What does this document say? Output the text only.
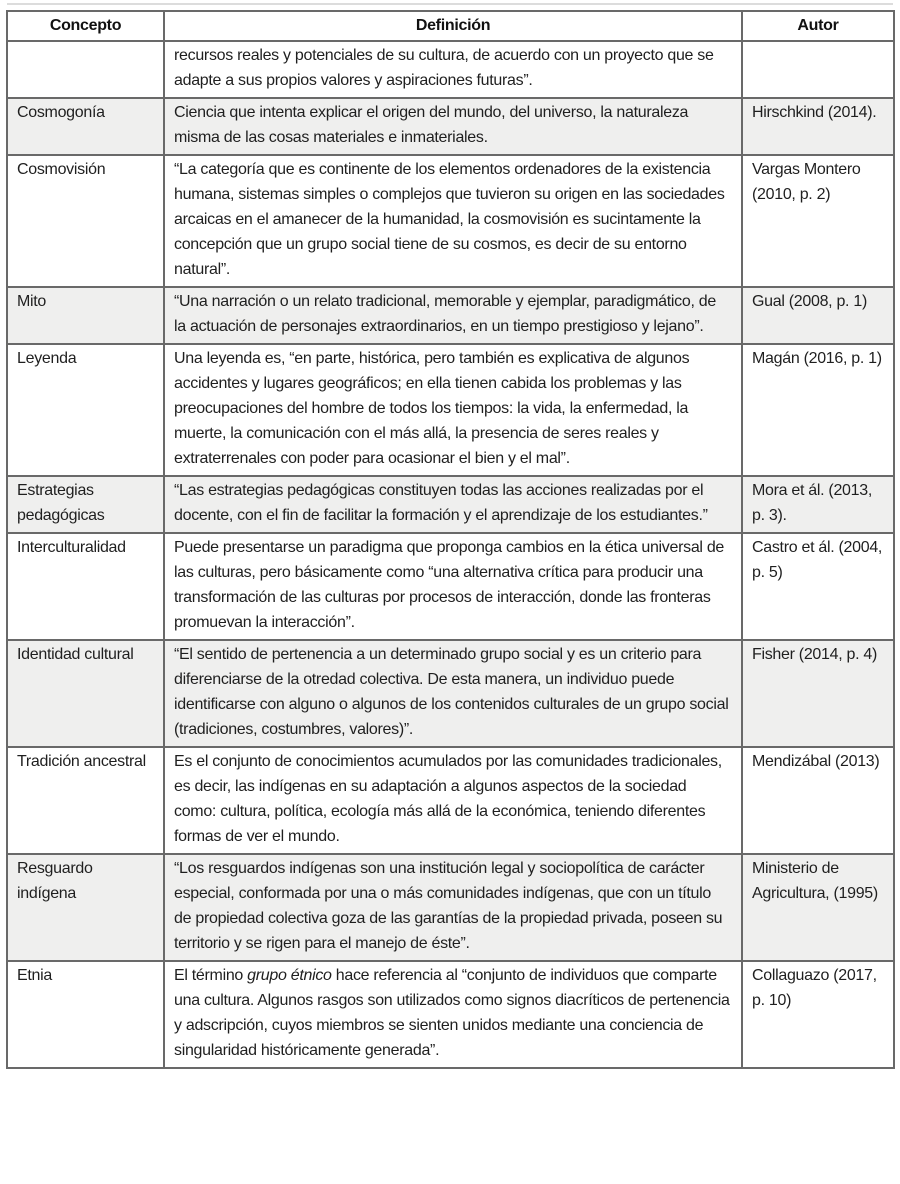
Concepto	Definición	Autor
	recursos reales y potenciales de su cultura, de acuerdo con un proyecto que se adapte a sus propios valores y aspiraciones futuras”.	
Cosmogonía	Ciencia que intenta explicar el origen del mundo, del universo, la naturaleza misma de las cosas materiales e inmateriales.	Hirschkind (2014).
Cosmovisión	“La categoría que es continente de los elementos ordenadores de la existencia humana, sistemas simples o complejos que tuvieron su origen en las sociedades arcaicas en el amanecer de la humanidad, la cosmovisión es sucintamente la concepción que un grupo social tiene de su cosmos, es decir de su entorno natural”.	Vargas Montero (2010, p. 2)
Mito	“Una narración o un relato tradicional, memorable y ejemplar, paradigmático, de la actuación de personajes extraordinarios, en un tiempo prestigioso y lejano”.	Gual (2008, p. 1)
Leyenda	Una leyenda es, “en parte, histórica, pero también es explicativa de algunos accidentes y lugares geográficos; en ella tienen cabida los problemas y las preocupaciones del hombre de todos los tiempos: la vida, la enfermedad, la muerte, la comunicación con el más allá, la presencia de seres reales y extraterrenales con poder para ocasionar el bien y el mal”.	Magán (2016, p. 1)
Estrategias pedagógicas	“Las estrategias pedagógicas constituyen todas las acciones realizadas por el docente, con el fin de facilitar la formación y el aprendizaje de los estudiantes.”	Mora et ál. (2013, p. 3).
Interculturalidad	Puede presentarse un paradigma que proponga cambios en la ética universal de las culturas, pero básicamente como “una alternativa crítica para producir una transformación de las culturas por procesos de interacción, donde las fronteras promuevan la interacción”.	Castro et ál. (2004, p. 5)
Identidad cultural	“El sentido de pertenencia a un determinado grupo social y es un criterio para diferenciarse de la otredad colectiva. De esta manera, un individuo puede identificarse con alguno o algunos de los contenidos culturales de un grupo social (tradiciones, costumbres, valores)”.	Fisher (2014, p. 4)
Tradición ancestral	Es el conjunto de conocimientos acumulados por las comunidades tradicionales, es decir, las indígenas en su adaptación a algunos aspectos de la sociedad como: cultura, política, ecología más allá de la económica, teniendo diferentes formas de ver el mundo.	Mendizábal (2013)
Resguardo indígena	“Los resguardos indígenas son una institución legal y sociopolítica de carácter especial, conformada por una o más comunidades indígenas, que con un título de propiedad colectiva goza de las garantías de la propiedad privada, poseen su territorio y se rigen para el manejo de éste”.	Ministerio de Agricultura, (1995)
Etnia	El término grupo étnico hace referencia al “conjunto de individuos que comparte una cultura. Algunos rasgos son utilizados como signos diacríticos de pertenencia y adscripción, cuyos miembros se sienten unidos mediante una conciencia de singularidad históricamente generada”.	Collaguazo (2017, p. 10)
